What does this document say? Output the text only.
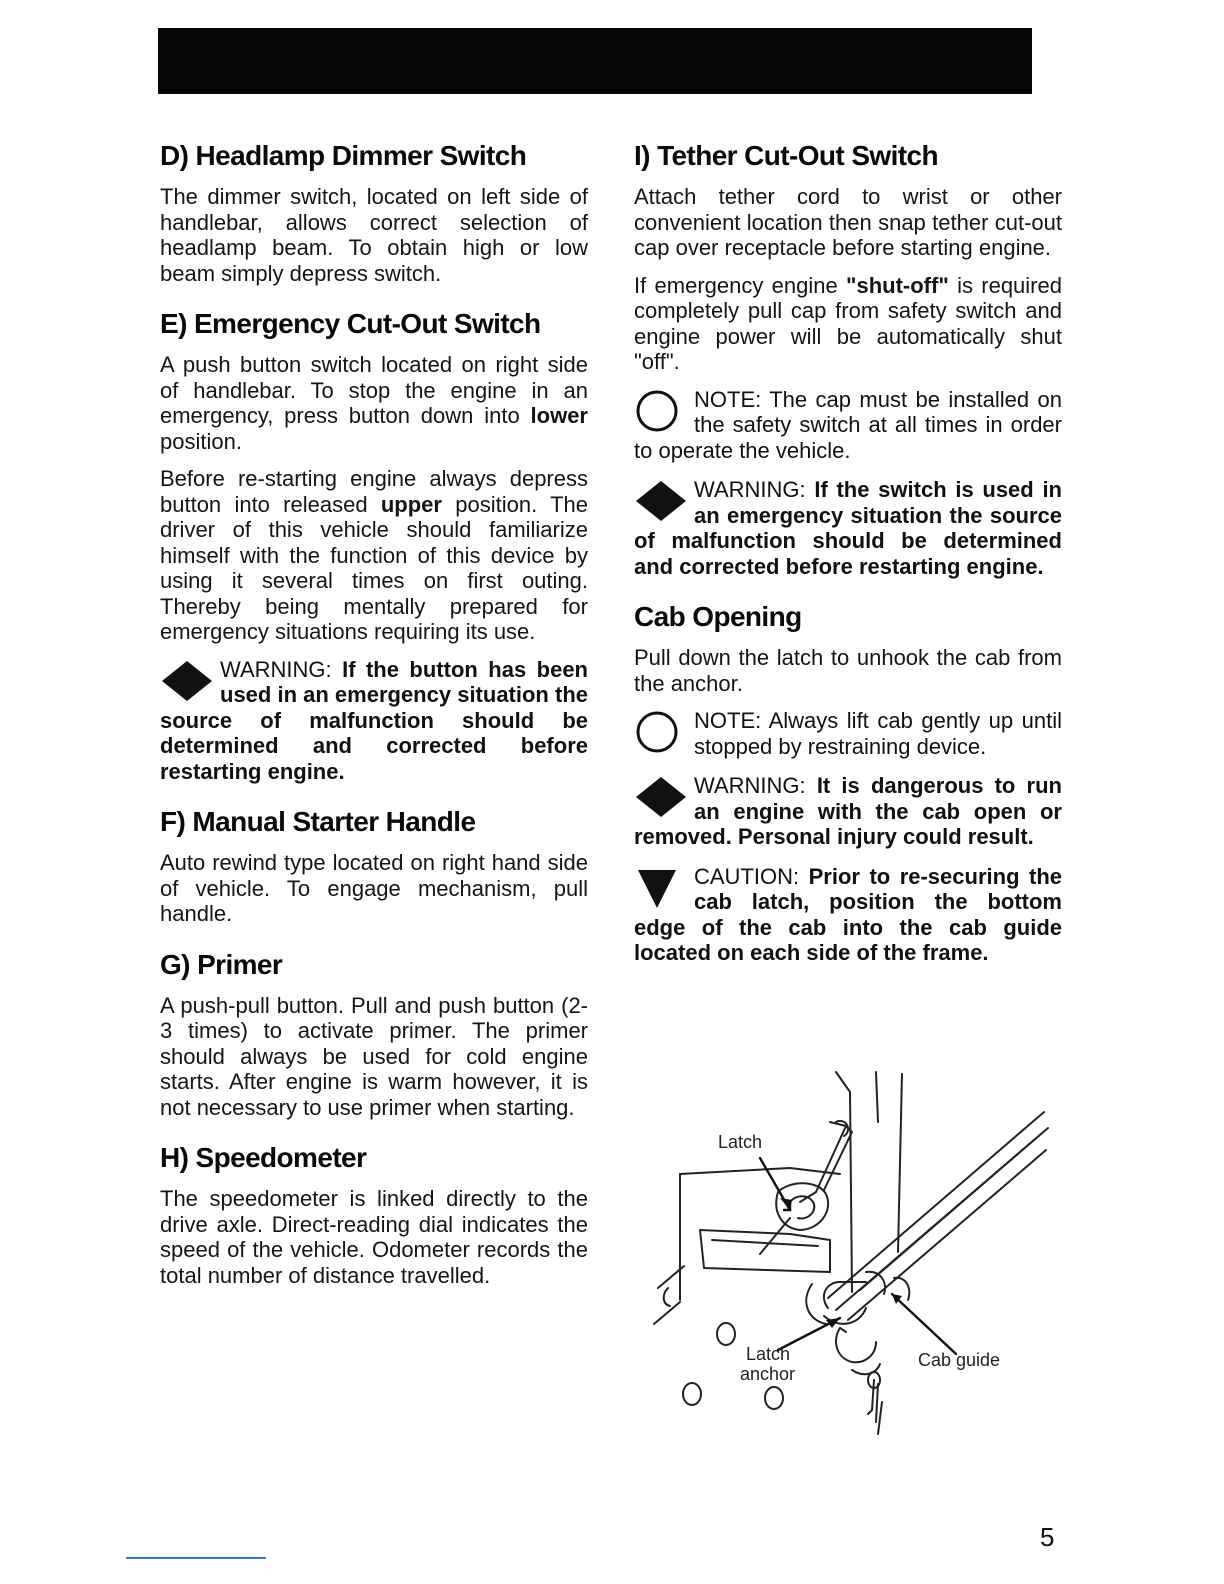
D) Headlamp Dimmer Switch

The dimmer switch, located on left side of handlebar, allows correct selection of headlamp beam. To obtain high or low beam simply depress switch.

E) Emergency Cut-Out Switch

A push button switch located on right side of handlebar. To stop the engine in an emergency, press button down into lower position.

Before re-starting engine always depress button into released upper position. The driver of this vehicle should familiarize himself with the function of this device by using it several times on first outing. Thereby being mentally prepared for emergency situations requiring its use.

WARNING: If the button has been used in an emergency situation the source of malfunction should be determined and corrected before restarting engine.
F) Manual Starter Handle

Auto rewind type located on right hand side of vehicle. To engage mechanism, pull handle.

G) Primer

A push-pull button. Pull and push button (2-3 times) to activate primer. The primer should always be used for cold engine starts. After engine is warm however, it is not necessary to use primer when starting.

H) Speedometer

The speedometer is linked directly to the drive axle. Direct-reading dial indicates the speed of the vehicle. Odometer records the total number of distance travelled.

I) Tether Cut-Out Switch

Attach tether cord to wrist or other convenient location then snap tether cut-out cap over receptacle before starting engine.

If emergency engine "shut-off" is required completely pull cap from safety switch and engine power will be automatically shut "off".

NOTE: The cap must be installed on the safety switch at all times in order to operate the vehicle.
WARNING: If the switch is used in an emergency situation the source of malfunction should be determined and corrected before restarting engine.
Cab Opening

Pull down the latch to unhook the cab from the anchor.

NOTE: Always lift cab gently up until stopped by restraining device.
WARNING: It is dangerous to run an engine with the cab open or removed. Personal injury could result.
CAUTION: Prior to re-securing the cab latch, position the bottom edge of the cab into the cab guide located on each side of the frame.
Latch
Latch
anchor
Cab guide
5
